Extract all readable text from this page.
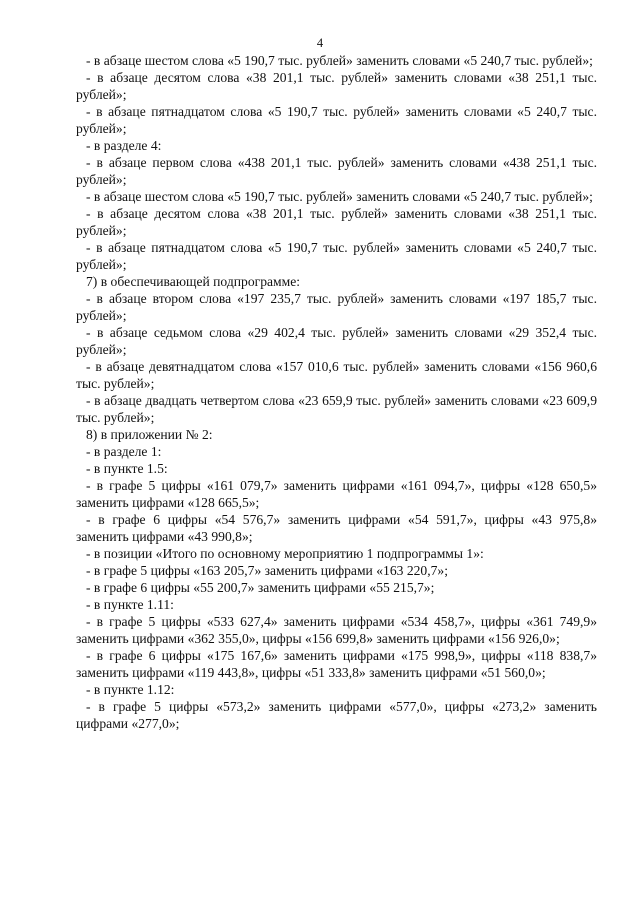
4

- в абзаце шестом слова «5 190,7 тыс. рублей» заменить словами «5 240,7 тыс. рублей»;

- в абзаце десятом слова «38 201,1 тыс. рублей» заменить словами «38 251,1 тыс. рублей»;

- в абзаце пятнадцатом слова «5 190,7 тыс. рублей» заменить словами «5 240,7 тыс. рублей»;

- в разделе 4:

- в абзаце первом слова «438 201,1 тыс. рублей» заменить словами «438 251,1 тыс. рублей»;

- в абзаце шестом слова «5 190,7 тыс. рублей» заменить словами «5 240,7 тыс. рублей»;

- в абзаце десятом слова «38 201,1 тыс. рублей» заменить словами «38 251,1 тыс. рублей»;

- в абзаце пятнадцатом слова «5 190,7 тыс. рублей» заменить словами «5 240,7 тыс. рублей»;

7) в обеспечивающей подпрограмме:

- в абзаце втором слова «197 235,7 тыс. рублей» заменить словами «197 185,7 тыс. рублей»;

- в абзаце седьмом слова «29 402,4 тыс. рублей» заменить словами «29 352,4 тыс. рублей»;

- в абзаце девятнадцатом слова «157 010,6 тыс. рублей» заменить словами «156 960,6 тыс. рублей»;

- в абзаце двадцать четвертом слова «23 659,9 тыс. рублей» заменить словами «23 609,9 тыс. рублей»;

8) в приложении № 2:

- в разделе 1:

- в пункте 1.5:

- в графе 5 цифры «161 079,7» заменить цифрами «161 094,7», цифры «128 650,5» заменить цифрами «128 665,5»;

- в графе 6 цифры «54 576,7» заменить цифрами «54 591,7», цифры «43 975,8» заменить цифрами «43 990,8»;

- в позиции «Итого по основному мероприятию 1 подпрограммы 1»:

- в графе 5 цифры «163 205,7» заменить цифрами «163 220,7»;

- в графе 6 цифры «55 200,7» заменить цифрами «55 215,7»;

- в пункте 1.11:

- в графе 5 цифры «533 627,4» заменить цифрами «534 458,7», цифры «361 749,9» заменить цифрами «362 355,0», цифры «156 699,8» заменить цифрами «156 926,0»;

- в графе 6 цифры «175 167,6» заменить цифрами «175 998,9», цифры «118 838,7» заменить цифрами «119 443,8», цифры «51 333,8» заменить цифрами «51 560,0»;

- в пункте 1.12:

- в графе 5 цифры «573,2» заменить цифрами «577,0», цифры «273,2» заменить цифрами «277,0»;
